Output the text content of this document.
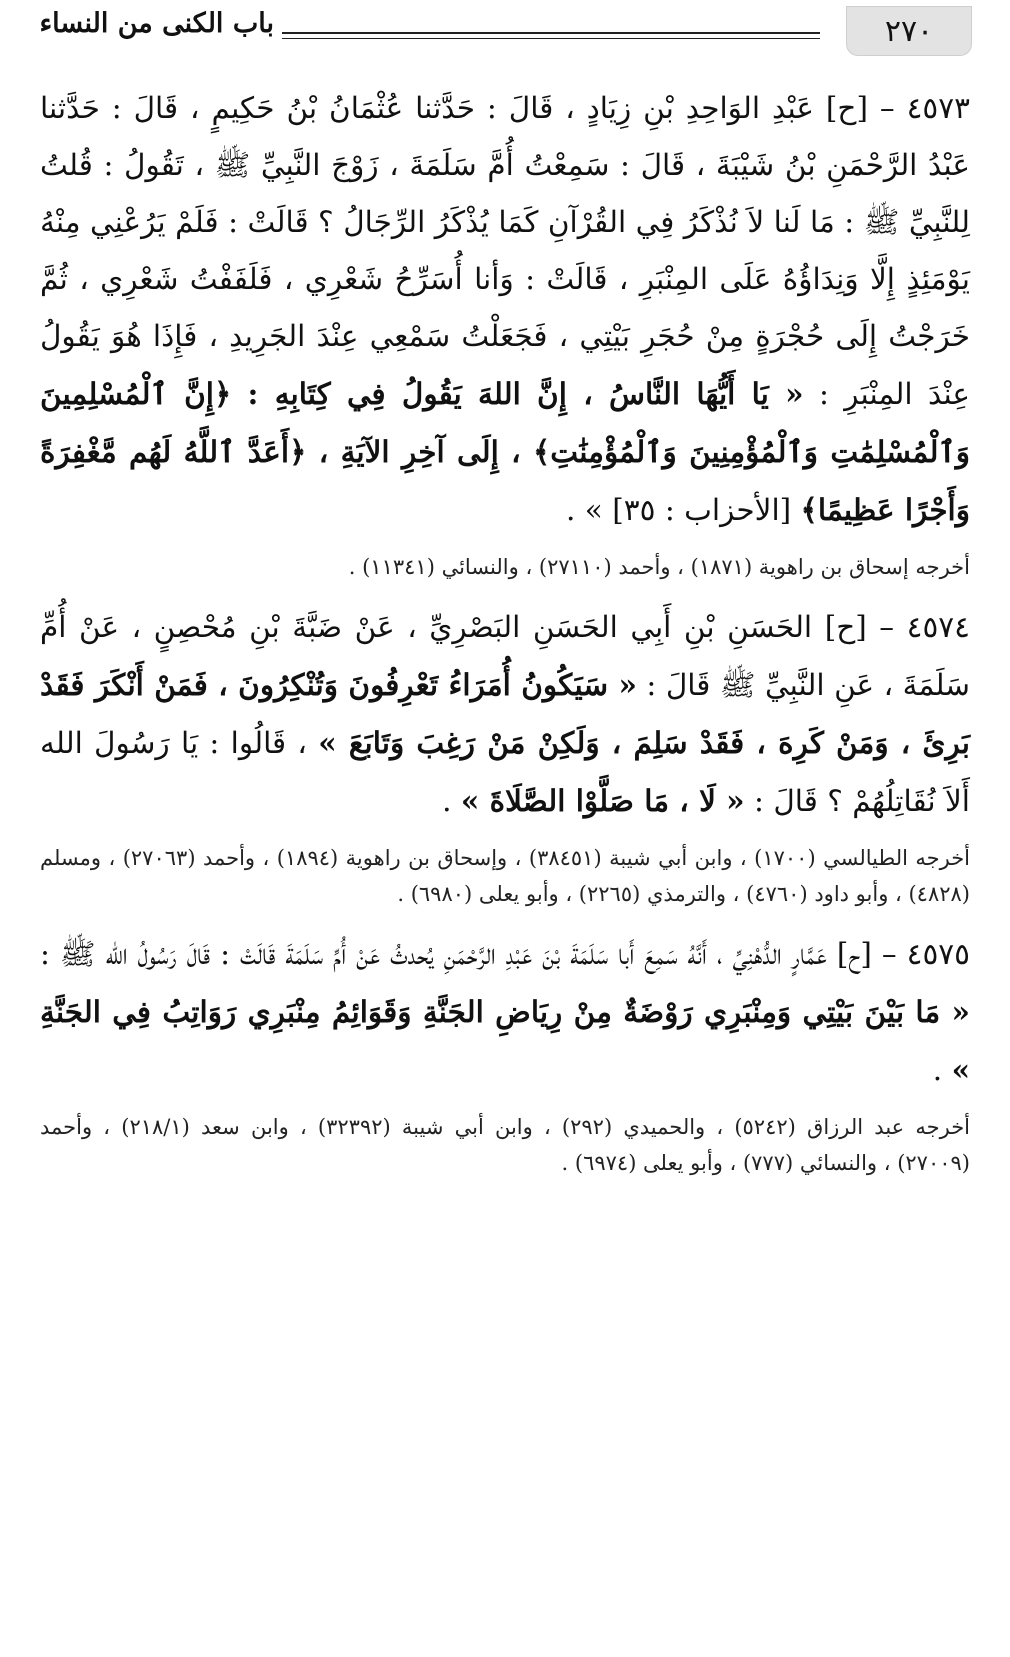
٢٧٠
باب الكنى من النساء

٤٥٧٣ – [ح] عَبْدِ الوَاحِدِ بْنِ زِيَادٍ ، قَالَ : حَدَّثنا عُثْمَانُ بْنُ حَكِيمٍ ، قَالَ : حَدَّثنا عَبْدُ الرَّحْمَنِ بْنُ شَيْبَةَ ، قَالَ : سَمِعْتُ أُمَّ سَلَمَةَ ، زَوْجَ النَّبِيِّ ﷺ ، تَقُولُ : قُلتُ لِلنَّبِيِّ ﷺ : مَا لَنا لاَ نُذْكَرُ فِي القُرْآنِ كَمَا يُذْكَرُ الرِّجَالُ ؟ قَالَتْ : فَلَمْ يَرُعْنِي مِنْهُ يَوْمَئِذٍ إِلَّا وَنِدَاؤُهُ عَلَى المِنْبَرِ ، قَالَتْ : وَأنا أُسَرِّحُ شَعْرِي ، فَلَفَفْتُ شَعْرِي ، ثُمَّ خَرَجْتُ إِلَى حُجْرَةٍ مِنْ حُجَرِ بَيْتِي ، فَجَعَلْتُ سَمْعِي عِنْدَ الجَرِيدِ ، فَإِذَا هُوَ يَقُولُ عِنْدَ المِنْبَرِ : « يَا أَيُّهَا النَّاسُ ، إِنَّ اللهَ يَقُولُ فِي كِتَابِهِ : ﴿إِنَّ ٱلْمُسْلِمِينَ وَٱلْمُسْلِمَٰتِ وَٱلْمُؤْمِنِينَ وَٱلْمُؤْمِنَٰتِ﴾ ، إِلَى آخِرِ الآيَةِ ، ﴿أَعَدَّ ٱللَّهُ لَهُم مَّغْفِرَةً وَأَجْرًا عَظِيمًا﴾ [الأحزاب : ٣٥] » .

أخرجه إسحاق بن راهوية (١٨٧١) ، وأحمد (٢٧١١٠) ، والنسائي (١١٣٤١) .

٤٥٧٤ – [ح] الحَسَنِ بْنِ أَبِي الحَسَنِ البَصْرِيِّ ، عَنْ ضَبَّةَ بْنِ مُحْصِنٍ ، عَنْ أُمِّ سَلَمَةَ ، عَنِ النَّبِيِّ ﷺ قَالَ : « سَيَكُونُ أُمَرَاءُ تَعْرِفُونَ وَتُنْكِرُونَ ، فَمَنْ أَنْكَرَ فَقَدْ بَرِئَ ، وَمَنْ كَرِهَ ، فَقَدْ سَلِمَ ، وَلَكِنْ مَنْ رَغِبَ وَتَابَعَ » ، قَالُوا : يَا رَسُولَ الله أَلاَ نُقَاتِلُهُمْ ؟ قَالَ : « لَا ، مَا صَلَّوْا الصَّلَاةَ » .

أخرجه الطيالسي (١٧٠٠) ، وابن أبي شيبة (٣٨٤٥١) ، وإسحاق بن راهوية (١٨٩٤) ، وأحمد (٢٧٠٦٣) ، ومسلم (٤٨٢٨) ، وأبو داود (٤٧٦٠) ، والترمذي (٢٢٦٥) ، وأبو يعلى (٦٩٨٠) .

٤٥٧٥ – [ح] عَمَّارٍ الدُّهْنِيِّ ، أَنَّهُ سَمِعَ أَبا سَلَمَةَ بْنَ عَبْدِ الرَّحْمَنِ يُحدثُ عَنْ أُمِّ سَلَمَةَ قَالَتْ : قَالَ رَسُولُ الله ﷺ : « مَا بَيْنَ بَيْتِي وَمِنْبَرِي رَوْضَةٌ مِنْ رِيَاضِ الجَنَّةِ وَقَوَائِمُ مِنْبَرِي رَوَاتِبُ فِي الجَنَّةِ » .

أخرجه عبد الرزاق (٥٢٤٢) ، والحميدي (٢٩٢) ، وابن أبي شيبة (٣٢٣٩٢) ، وابن سعد (٢١٨/١) ، وأحمد (٢٧٠٠٩) ، والنسائي (٧٧٧) ، وأبو يعلى (٦٩٧٤) .
